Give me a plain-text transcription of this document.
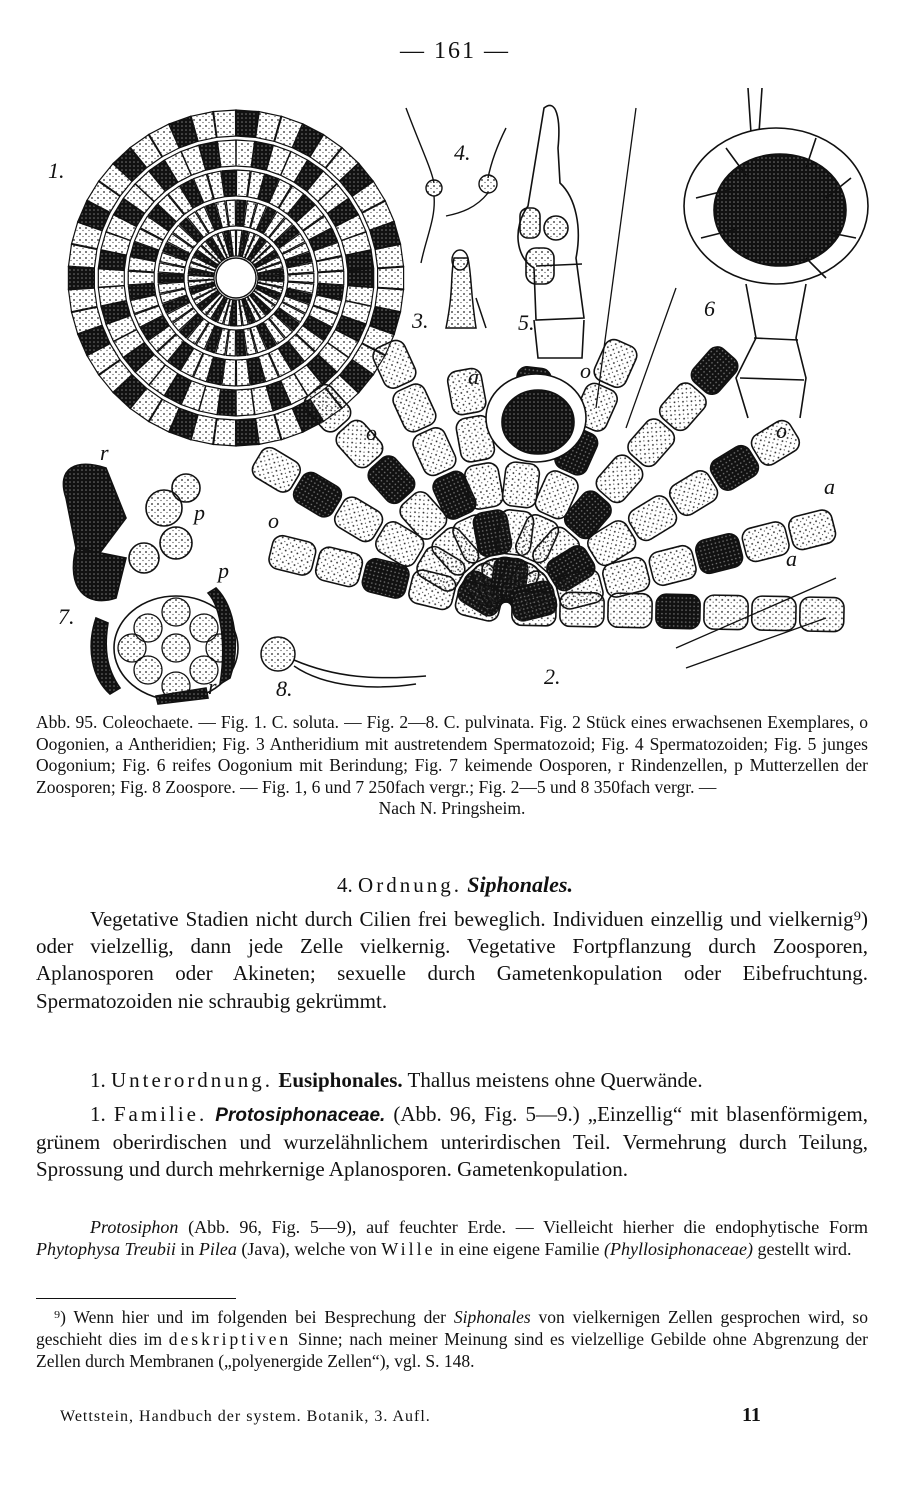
— 161 —
1.
4.
3.	5.
6
r
p
p
r
7.
8.
a	o
o
o
o
a
a
2.
Abb. 95. Coleochaete. — Fig. 1. C. soluta. — Fig. 2—8. C. pulvinata. Fig. 2 Stück eines erwachsenen Exemplares, o Oogonien, a Antheridien; Fig. 3 Antheridium mit austretendem Spermatozoid; Fig. 4 Spermatozoiden; Fig. 5 junges Oogonium; Fig. 6 reifes Oogonium mit Berindung; Fig. 7 keimende Oosporen, r Rindenzellen, p Mutterzellen der Zoosporen; Fig. 8 Zoospore. — Fig. 1, 6 und 7 250fach vergr.; Fig. 2—5 und 8 350fach vergr. —
Nach N. Pringsheim.
4. Ordnung. Siphonales.
Vegetative Stadien nicht durch Cilien frei beweglich. Individuen einzellig und vielkernig⁹) oder vielzellig, dann jede Zelle vielkernig. Vegetative Fortpflanzung durch Zoosporen, Aplanosporen oder Akineten; sexuelle durch Gametenkopulation oder Eibefruchtung. Spermatozoiden nie schraubig gekrümmt.
1. Unterordnung. Eusiphonales. Thallus meistens ohne Querwände.
1. Familie. Protosiphonaceae. (Abb. 96, Fig. 5—9.) „Einzellig“ mit blasenförmigem, grünem oberirdischen und wurzelähnlichem unterirdischen Teil. Vermehrung durch Teilung, Sprossung und durch mehrkernige Aplanosporen. Gametenkopulation.
Protosiphon (Abb. 96, Fig. 5—9), auf feuchter Erde. — Vielleicht hierher die endophytische Form Phytophysa Treubii in Pilea (Java), welche von Wille in eine eigene Familie (Phyllosiphonaceae) gestellt wird.
⁹) Wenn hier und im folgenden bei Besprechung der Siphonales von vielkernigen Zellen gesprochen wird, so geschieht dies im deskriptiven Sinne; nach meiner Meinung sind es vielzellige Gebilde ohne Abgrenzung der Zellen durch Membranen („polyenergide Zellen“), vgl. S. 148.
Wettstein, Handbuch der system. Botanik, 3. Aufl.	11
